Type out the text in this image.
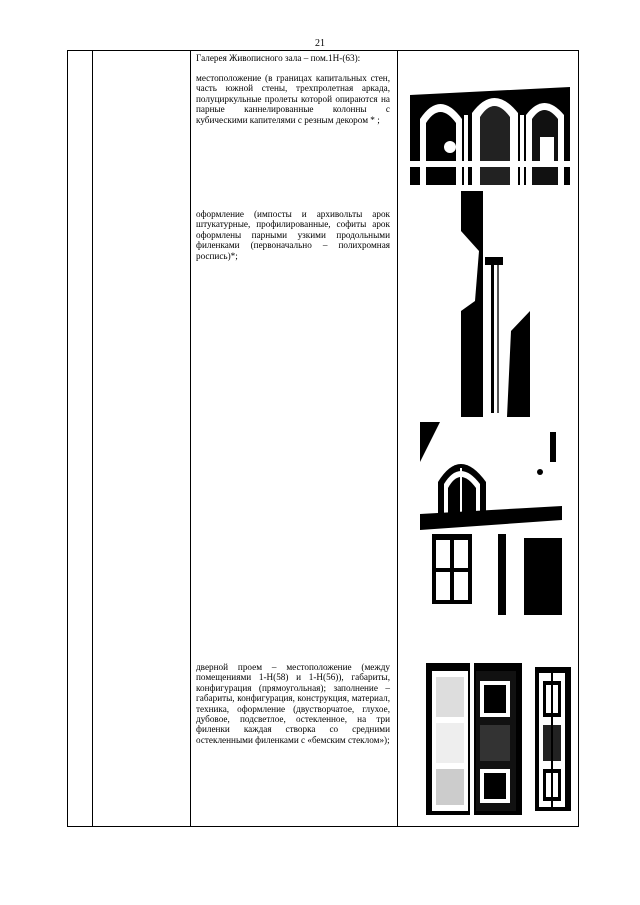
21

Галерея Живописного зала – пом.1Н-(63):

местоположение (в границах капитальных стен, часть южной стены, трехпролетная аркада, полуциркульные пролеты которой опираются на парные каннелированные колонны с кубическими капителями с резным декором * ;

оформление (импосты и архивольты арок штукатурные, профилированные, софиты арок оформлены парными узкими продольными филенками (первоначально – полихромная роспись)*;

дверной проем – местоположение (между помещениями 1-Н(58) и 1-Н(56)), габариты, конфигурация (прямоугольная); заполнение – габариты, конфигурация, конструкция, материал, техника, оформление (двустворчатое, глухое, дубовое, подсветлое, остекленное, на три филенки каждая створка со средними остекленными филенками с «бемским стеклом»);
